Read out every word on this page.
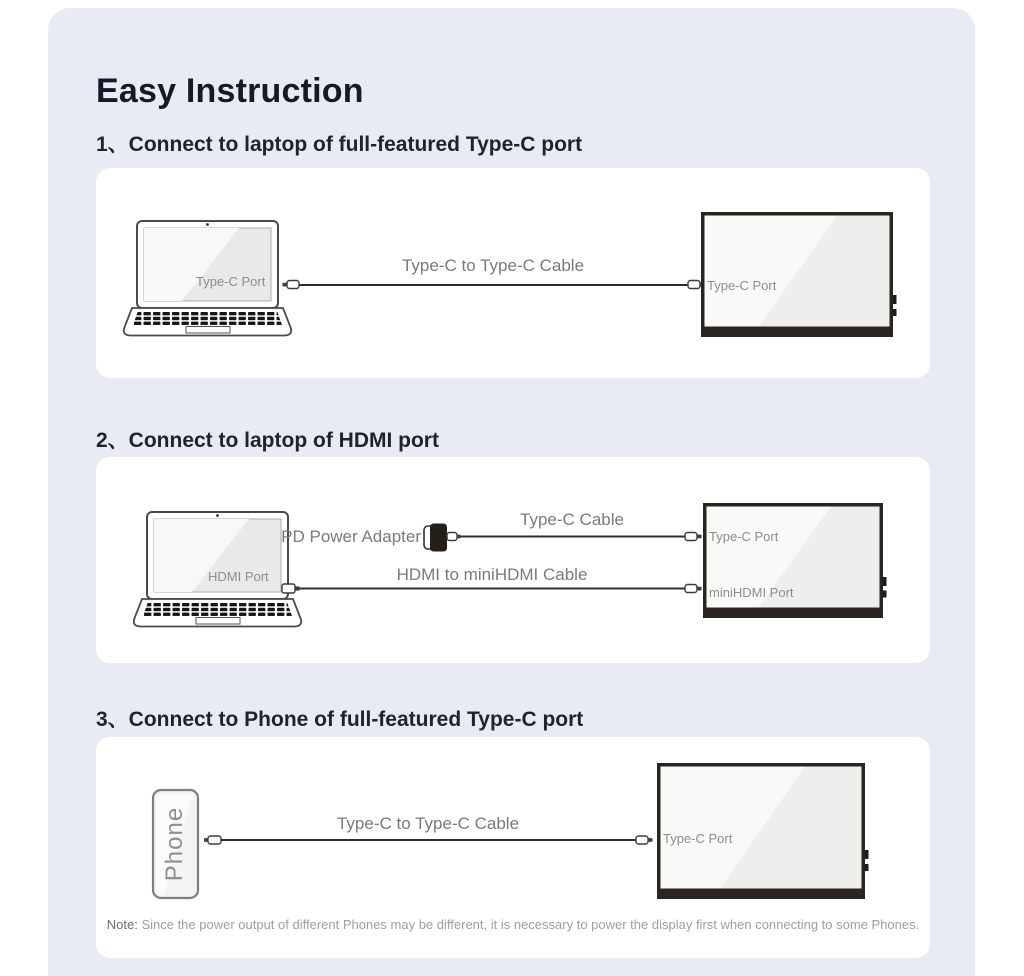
Easy Instruction
1、Connect to laptop of full-featured Type-C port
Type-C Port
Type-C to Type-C Cable
Type-C Port
2、Connect to laptop of HDMI port
HDMI Port
PD Power Adapter
Type-C Cable
HDMI to miniHDMI Cable
Type-C Port
miniHDMI Port
3、Connect to Phone of full-featured Type-C port
Phone	Type-C to Type-C Cable
Type-C Port
Note: Since the power output of different Phones may be different, it is necessary to power the display first when connecting to some Phones.
